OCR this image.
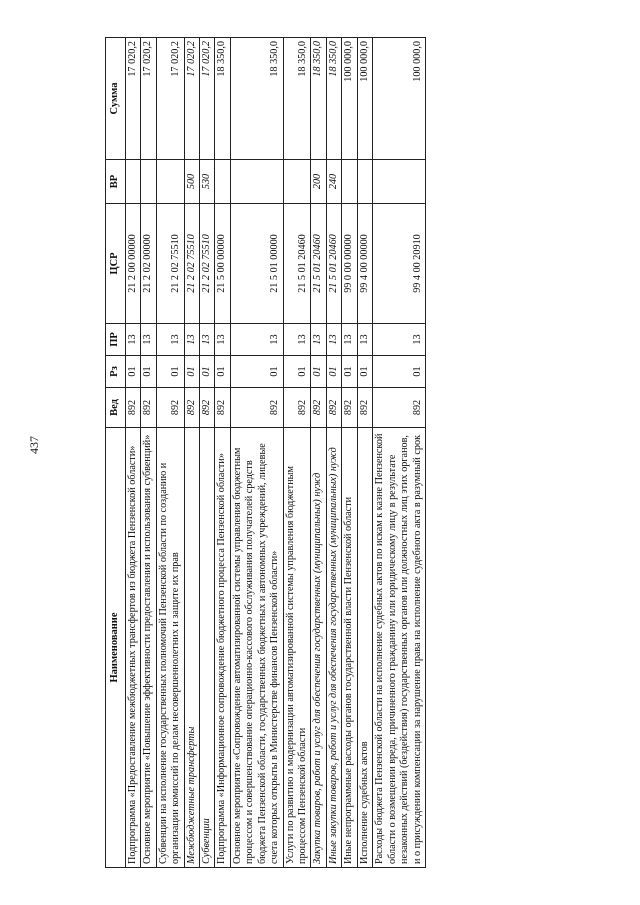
437
Наименование	Вед	Рз	ПР	ЦСР	ВР	Сумма
Подпрограмма «Предоставление межбюджетных трансфертов из бюджета Пензенской области»	892	01	13	21 2 00 00000		17 020,2
Основное мероприятие «Повышение эффективности предоставления и использования субвенций»	892	01	13	21 2 02 00000		17 020,2
Субвенции на исполнение государственных полномочий Пензенской области по созданию и организации комиссий по делам несовершеннолетних и защите их прав	892	01	13	21 2 02 75510		17 020,2
Межбюджетные трансферты	892	01	13	21 2 02 75510	500	17 020,2
Субвенции	892	01	13	21 2 02 75510	530	17 020,2
Подпрограмма «Информационное сопровождение бюджетного процесса Пензенской области»	892	01	13	21 5 00 00000		18 350,0
Основное мероприятие «Сопровождение автоматизированной системы управления бюджетным процессом и совершенствование операционно-кассового обслуживания получателей средств бюджета Пензенской области, государственных бюджетных и автономных учреждений, лицевые счета которых открыты в Министерстве финансов Пензенской области»	892	01	13	21 5 01 00000		18 350,0
Услуги по развитию и модернизации автоматизированной системы управления бюджетным процессом Пензенской области	892	01	13	21 5 01 20460		18 350,0
Закупка товаров, работ и услуг для обеспечения государственных (муниципальных) нужд	892	01	13	21 5 01 20460	200	18 350,0
Иные закупки товаров, работ и услуг для обеспечения государственных (муниципальных) нужд	892	01	13	21 5 01 20460	240	18 350,0
Иные непрограммные расходы органов государственной власти Пензенской области	892	01	13	99 0 00 00000		100 000,0
Исполнение судебных актов	892	01	13	99 4 00 00000		100 000,0
Расходы бюджета Пензенской области на исполнение судебных актов по искам к казне Пензенской области о возмещении вреда, причиненного гражданину или юридическому лицу в результате незаконных действий (бездействия) государственных органов или должностных лиц этих органов, и о присуждении компенсации за нарушение права на исполнение судебного акта в разумный срок	892	01	13	99 4 00 20910		100 000,0
